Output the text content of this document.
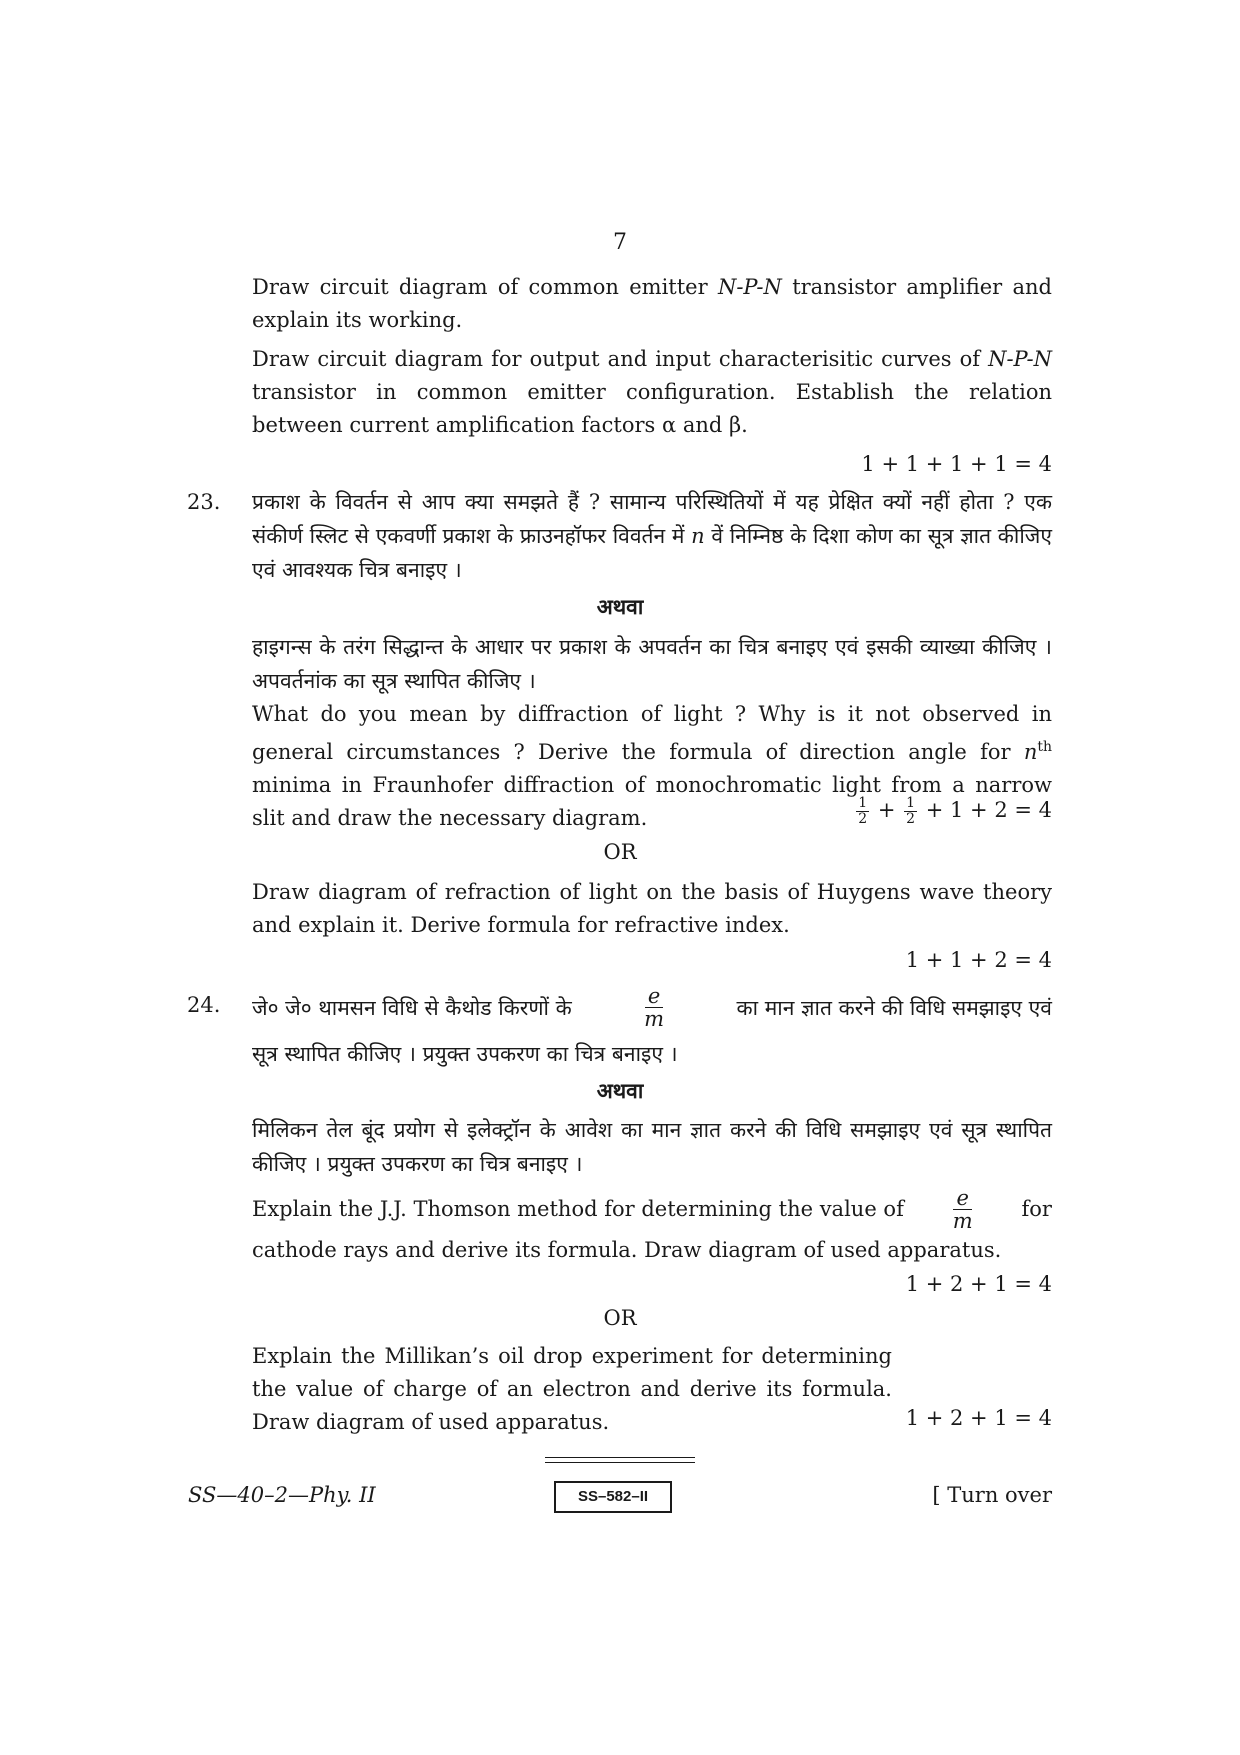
7
Draw circuit diagram of common emitter N-P-N transistor amplifier and explain its working.
Draw circuit diagram for output and input characterisitic curves of N-P-N transistor in common emitter configuration. Establish the relation between current amplification factors α and β.
1 + 1 + 1 + 1 = 4
23. प्रकाश के विवर्तन से आप क्या समझते हैं ? सामान्य परिस्थितियों में यह प्रेक्षित क्यों नहीं होता ? एक संकीर्ण स्लिट से एकवर्णी प्रकाश के फ्राउनहॉफर विवर्तन में n वें निम्निष्ठ के दिशा कोण का सूत्र ज्ञात कीजिए एवं आवश्यक चित्र बनाइए ।
अथवा
हाइगन्स के तरंग सिद्धान्त के आधार पर प्रकाश के अपवर्तन का चित्र बनाइए एवं इसकी व्याख्या कीजिए । अपवर्तनांक का सूत्र स्थापित कीजिए ।
What do you mean by diffraction of light ? Why is it not observed in general circumstances ? Derive the formula of direction angle for $n^{th}$ minima in Fraunhofer diffraction of monochromatic light from a narrow slit and draw the necessary diagram.	$\frac{1}{2} + \frac{1}{2} + 1 + 2 = 4$
OR
Draw diagram of refraction of light on the basis of Huygens wave theory and explain it. Derive formula for refractive index.
1 + 1 + 2 = 4
24. जे० जे० थामसन विधि से कैथोड किरणों के	$\frac{e}{m}$	का मान ज्ञात करने की विधि समझाइए एवं
सूत्र स्थापित कीजिए । प्रयुक्त उपकरण का चित्र बनाइए ।
अथवा
मिलिकन तेल बूंद प्रयोग से इलेक्ट्रॉन के आवेश का मान ज्ञात करने की विधि समझाइए एवं सूत्र स्थापित कीजिए । प्रयुक्त उपकरण का चित्र बनाइए ।
Explain the J.J. Thomson method for determining the value of $\frac{e}{m}$ for
cathode rays and derive its formula. Draw diagram of used apparatus.
1 + 2 + 1 = 4
OR
Explain the Millikan’s oil drop experiment for determining the value of charge of an electron and derive its formula. Draw diagram of used apparatus.	1 + 2 + 1 = 4
SS—40–2—Phy. II	SS–582–II	[ Turn over
